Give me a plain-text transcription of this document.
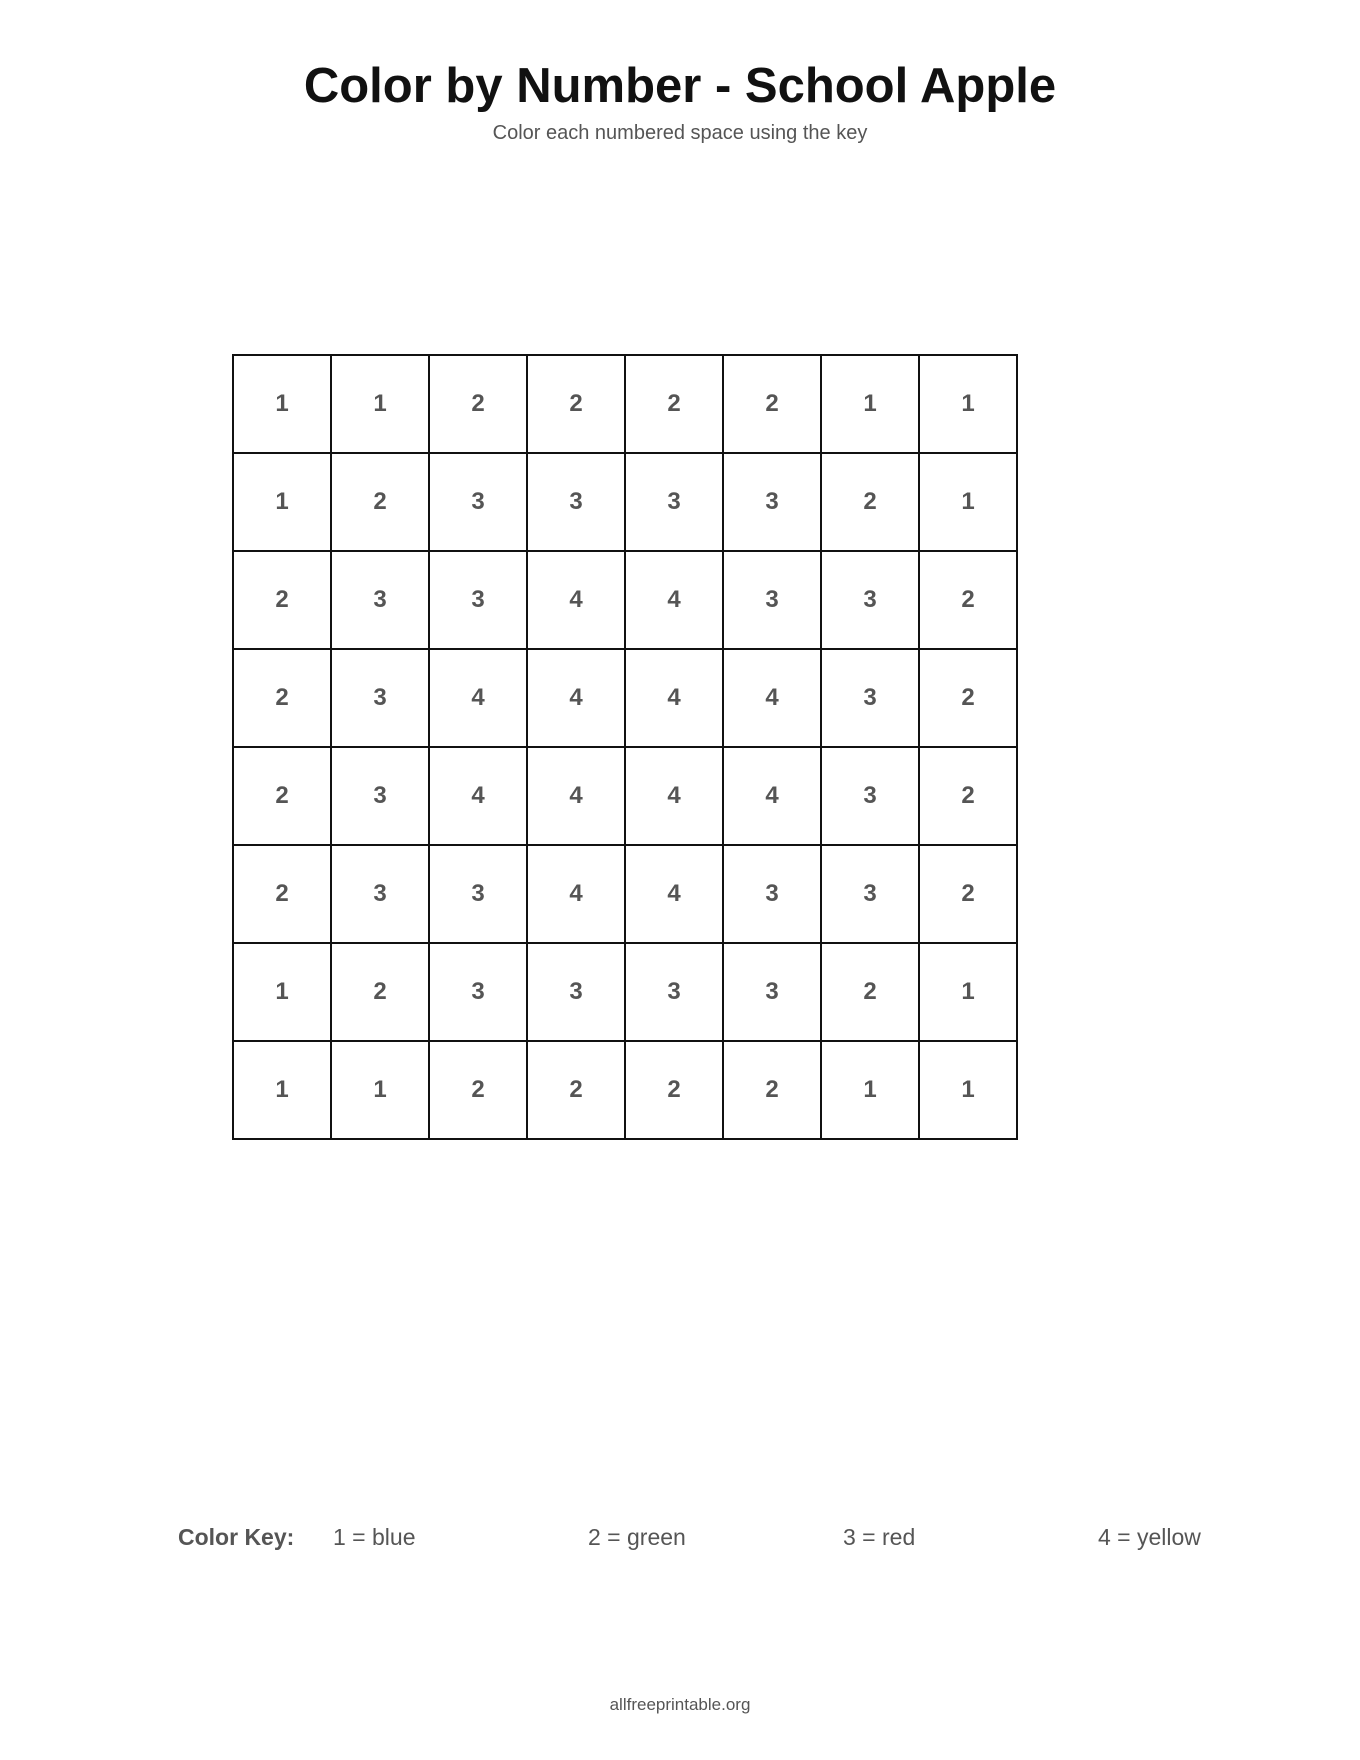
Color by Number - School Apple
Color each numbered space using the key
1	1	2	2	2	2	1	1
1	2	3	3	3	3	2	1
2	3	3	4	4	3	3	2
2	3	4	4	4	4	3	2
2	3	4	4	4	4	3	2
2	3	3	4	4	3	3	2
1	2	3	3	3	3	2	1
1	1	2	2	2	2	1	1
Color Key: 1 = blue	2 = green	3 = red	4 = yellow
allfreeprintable.org
